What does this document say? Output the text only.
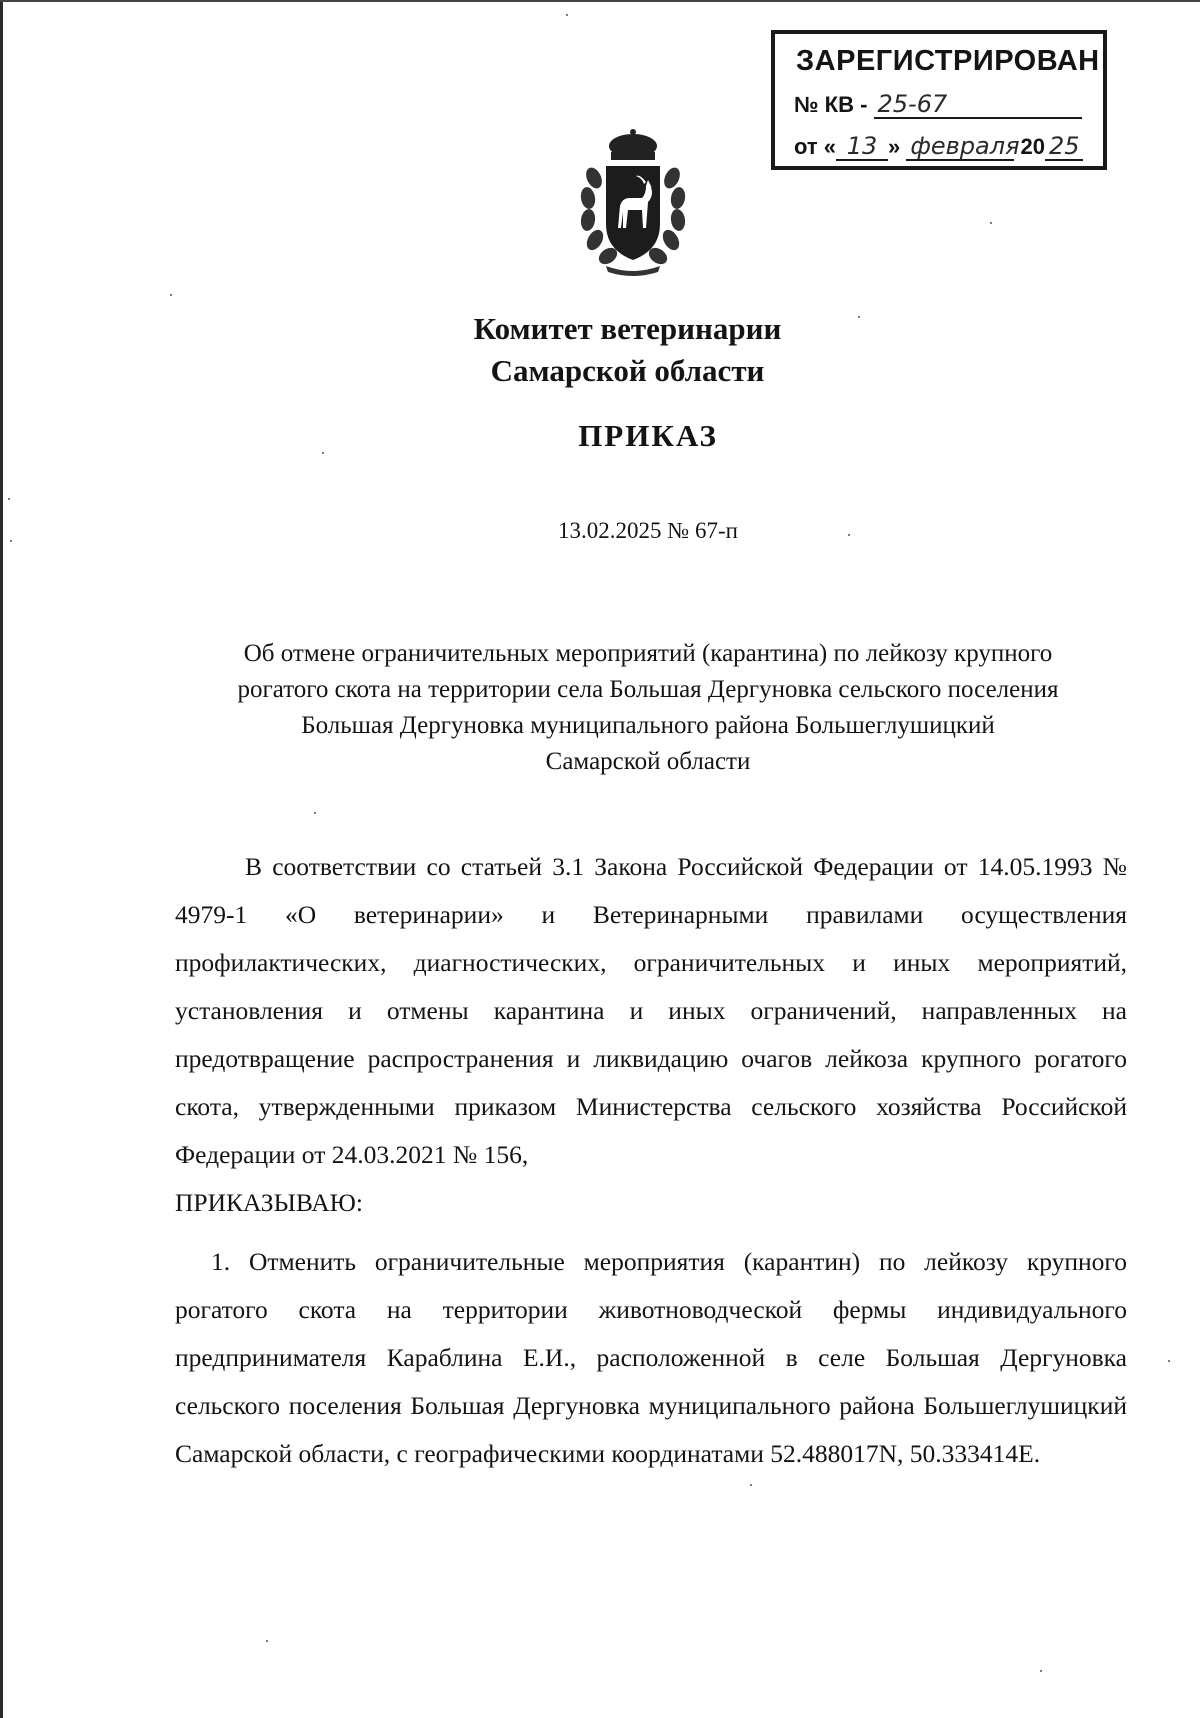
ЗАРЕГИСТРИРОВАН
№ КВ - 25-67
от « 13 » февраля 20 25
Комитет ветеринарии
Самарской области
ПРИКАЗ
13.02.2025 № 67-п
Об отмене ограничительных мероприятий (карантина) по лейкозу крупного
рогатого скота на территории села Большая Дергуновка сельского поселения
Большая Дергуновка муниципального района Большеглушицкий
Самарской области

В соответствии со статьей 3.1 Закона Российской Федерации от 14.05.1993 № 4979-1 «О ветеринарии» и Ветеринарными правилами осуществления профилактических, диагностических, ограничительных и иных мероприятий, установления и отмены карантина и иных ограничений, направленных на предотвращение распространения и ликвидацию очагов лейкоза крупного рогатого скота, утвержденными приказом Министерства сельского хозяйства Российской Федерации от 24.03.2021 № 156,

ПРИКАЗЫВАЮ:

1. Отменить ограничительные мероприятия (карантин) по лейкозу крупного рогатого скота на территории животноводческой фермы индивидуального предпринимателя Караблина Е.И., расположенной в селе Большая Дергуновка сельского поселения Большая Дергуновка муниципального района Большеглушицкий Самарской области, с географическими координатами 52.488017N, 50.333414E.
